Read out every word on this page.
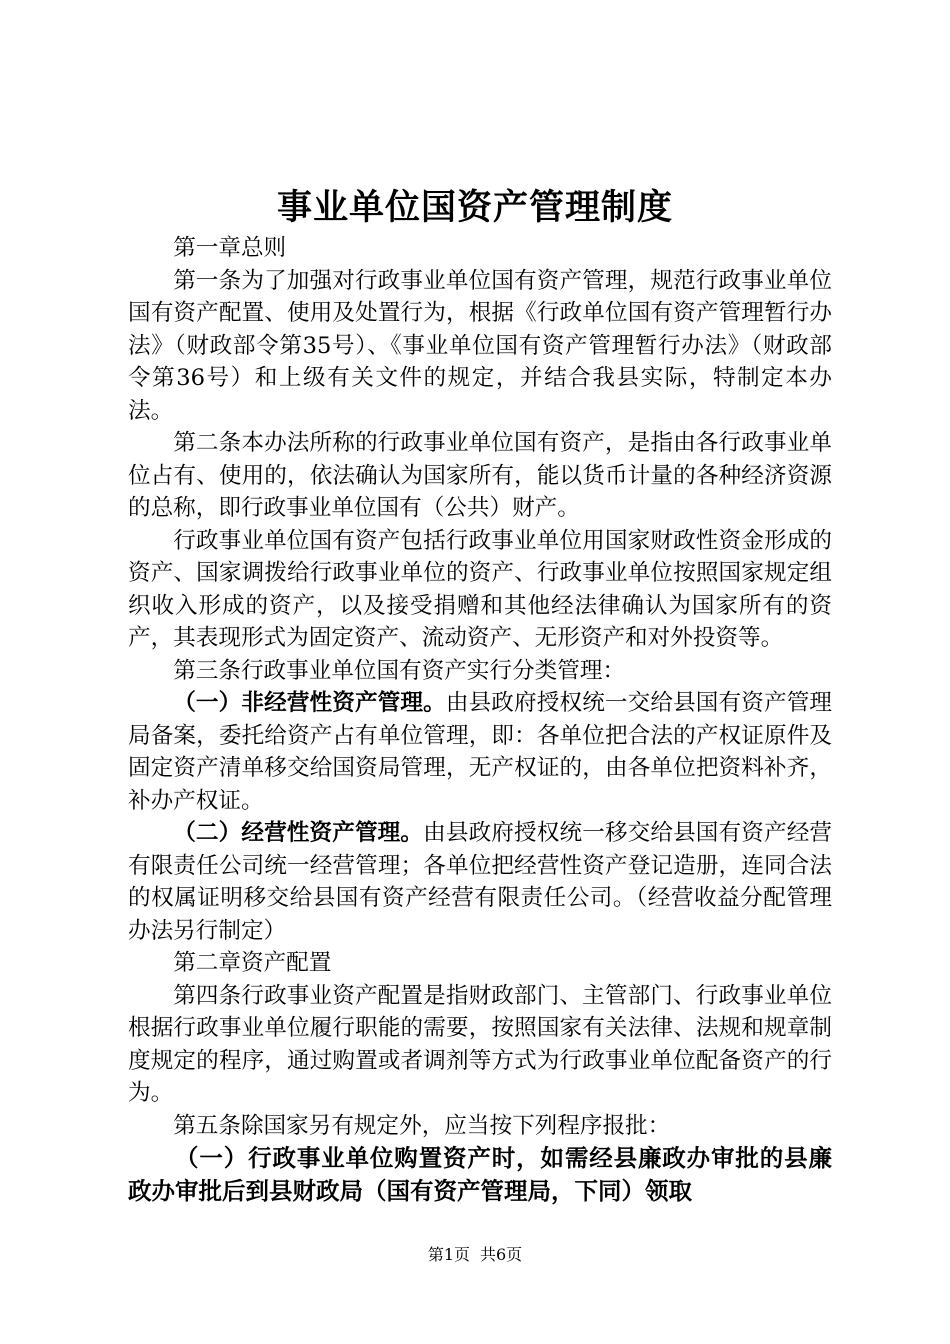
事业单位国资产管理制度

第一章总则

第一条为了加强对行政事业单位国有资产管理，规范行政事业单位国有资产配置、使用及处置行为，根据《行政单位国有资产管理暂行办法》（财政部令第35号）、《事业单位国有资产管理暂行办法》（财政部令第36号）和上级有关文件的规定，并结合我县实际，特制定本办法。

第二条本办法所称的行政事业单位国有资产，是指由各行政事业单位占有、使用的，依法确认为国家所有，能以货币计量的各种经济资源的总称，即行政事业单位国有（公共）财产。

行政事业单位国有资产包括行政事业单位用国家财政性资金形成的资产、国家调拨给行政事业单位的资产、行政事业单位按照国家规定组织收入形成的资产，以及接受捐赠和其他经法律确认为国家所有的资产，其表现形式为固定资产、流动资产、无形资产和对外投资等。

第三条行政事业单位国有资产实行分类管理：

（一）非经营性资产管理。由县政府授权统一交给县国有资产管理局备案，委托给资产占有单位管理，即：各单位把合法的产权证原件及固定资产清单移交给国资局管理，无产权证的，由各单位把资料补齐，补办产权证。

（二）经营性资产管理。由县政府授权统一移交给县国有资产经营有限责任公司统一经营管理；各单位把经营性资产登记造册，连同合法的权属证明移交给县国有资产经营有限责任公司。（经营收益分配管理办法另行制定）

第二章资产配置

第四条行政事业资产配置是指财政部门、主管部门、行政事业单位根据行政事业单位履行职能的需要，按照国家有关法律、法规和规章制度规定的程序，通过购置或者调剂等方式为行政事业单位配备资产的行为。

第五条除国家另有规定外，应当按下列程序报批：

（一）行政事业单位购置资产时，如需经县廉政办审批的县廉政办审批后到县财政局（国有资产管理局，下同）领取

第1页 共6页
